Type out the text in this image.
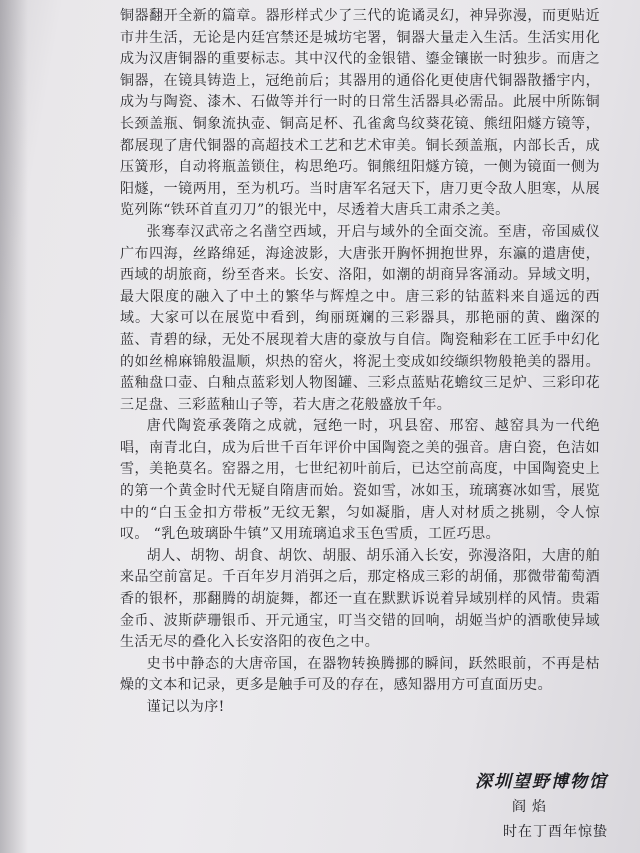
铜器翻开全新的篇章。器形样式少了三代的诡谲灵幻，神异弥漫，而更贴近市井生活，无论是内廷宫禁还是城坊宅署，铜器大量走入生活。生活实用化成为汉唐铜器的重要标志。其中汉代的金银错、鎏金镶嵌一时独步。而唐之铜器，在镜具铸造上，冠绝前后；其器用的通俗化更使唐代铜器散播宇内，成为与陶瓷、漆木、石做等并行一时的日常生活器具必需品。此展中所陈铜长颈盖瓶、铜象流执壶、铜高足杯、孔雀禽鸟纹葵花镜、熊纽阳燧方镜等，都展现了唐代铜器的高超技术工艺和艺术审美。铜长颈盖瓶，内部长舌，成压簧形，自动将瓶盖锁住，构思绝巧。铜熊纽阳燧方镜，一侧为镜面一侧为阳燧，一镜两用，至为机巧。当时唐军名冠天下，唐刀更令敌人胆寒，从展览列陈“铁环首直刃刀”的银光中，尽透着大唐兵工肃杀之美。

张骞奉汉武帝之名凿空西域，开启与域外的全面交流。至唐，帝国威仪广布四海，丝路绵延，海途波影，大唐张开胸怀拥抱世界，东瀛的遣唐使，西域的胡旅商，纷至沓来。长安、洛阳，如潮的胡商异客涌动。异域文明，最大限度的融入了中土的繁华与辉煌之中。唐三彩的钴蓝料来自遥远的西域。大家可以在展览中看到，绚丽斑斓的三彩器具，那艳丽的黄、幽深的蓝、青碧的绿，无处不展现着大唐的豪放与自信。陶瓷釉彩在工匠手中幻化的如丝棉麻锦般温顺，炽热的窑火，将泥土变成如绞缬织物般艳美的器用。蓝釉盘口壶、白釉点蓝彩划人物图罐、三彩点蓝贴花蟾纹三足炉、三彩印花三足盘、三彩蓝釉山子等，若大唐之花般盛放千年。

唐代陶瓷承袭隋之成就，冠绝一时，巩县窑、邢窑、越窑具为一代绝唱，南青北白，成为后世千百年评价中国陶瓷之美的强音。唐白瓷，色洁如雪，美艳莫名。窑器之用，七世纪初叶前后，已达空前高度，中国陶瓷史上的第一个黄金时代无疑自隋唐而始。瓷如雪，冰如玉，琉璃赛冰如雪，展览中的“白玉金扣方带板”无纹无絮，匀如凝脂，唐人对材质之挑剔，令人惊叹。 “乳色玻璃卧牛镇”又用琉璃追求玉色雪质，工匠巧思。

胡人、胡物、胡食、胡饮、胡服、胡乐涌入长安，弥漫洛阳，大唐的舶来品空前富足。千百年岁月消弭之后，那定格成三彩的胡俑，那微带葡萄酒香的银杯，那翻腾的胡旋舞，都还一直在默默诉说着异域别样的风情。贵霜金币、波斯萨珊银币、开元通宝，叮当交错的回响，胡姬当炉的酒歌使异域生活无尽的叠化入长安洛阳的夜色之中。

史书中静态的大唐帝国，在器物转换腾挪的瞬间，跃然眼前，不再是枯燥的文本和记录，更多是触手可及的存在，感知器用方可直面历史。

谨记以为序!

深圳望野博物馆
阎焰
时在丁酉年惊蛰
